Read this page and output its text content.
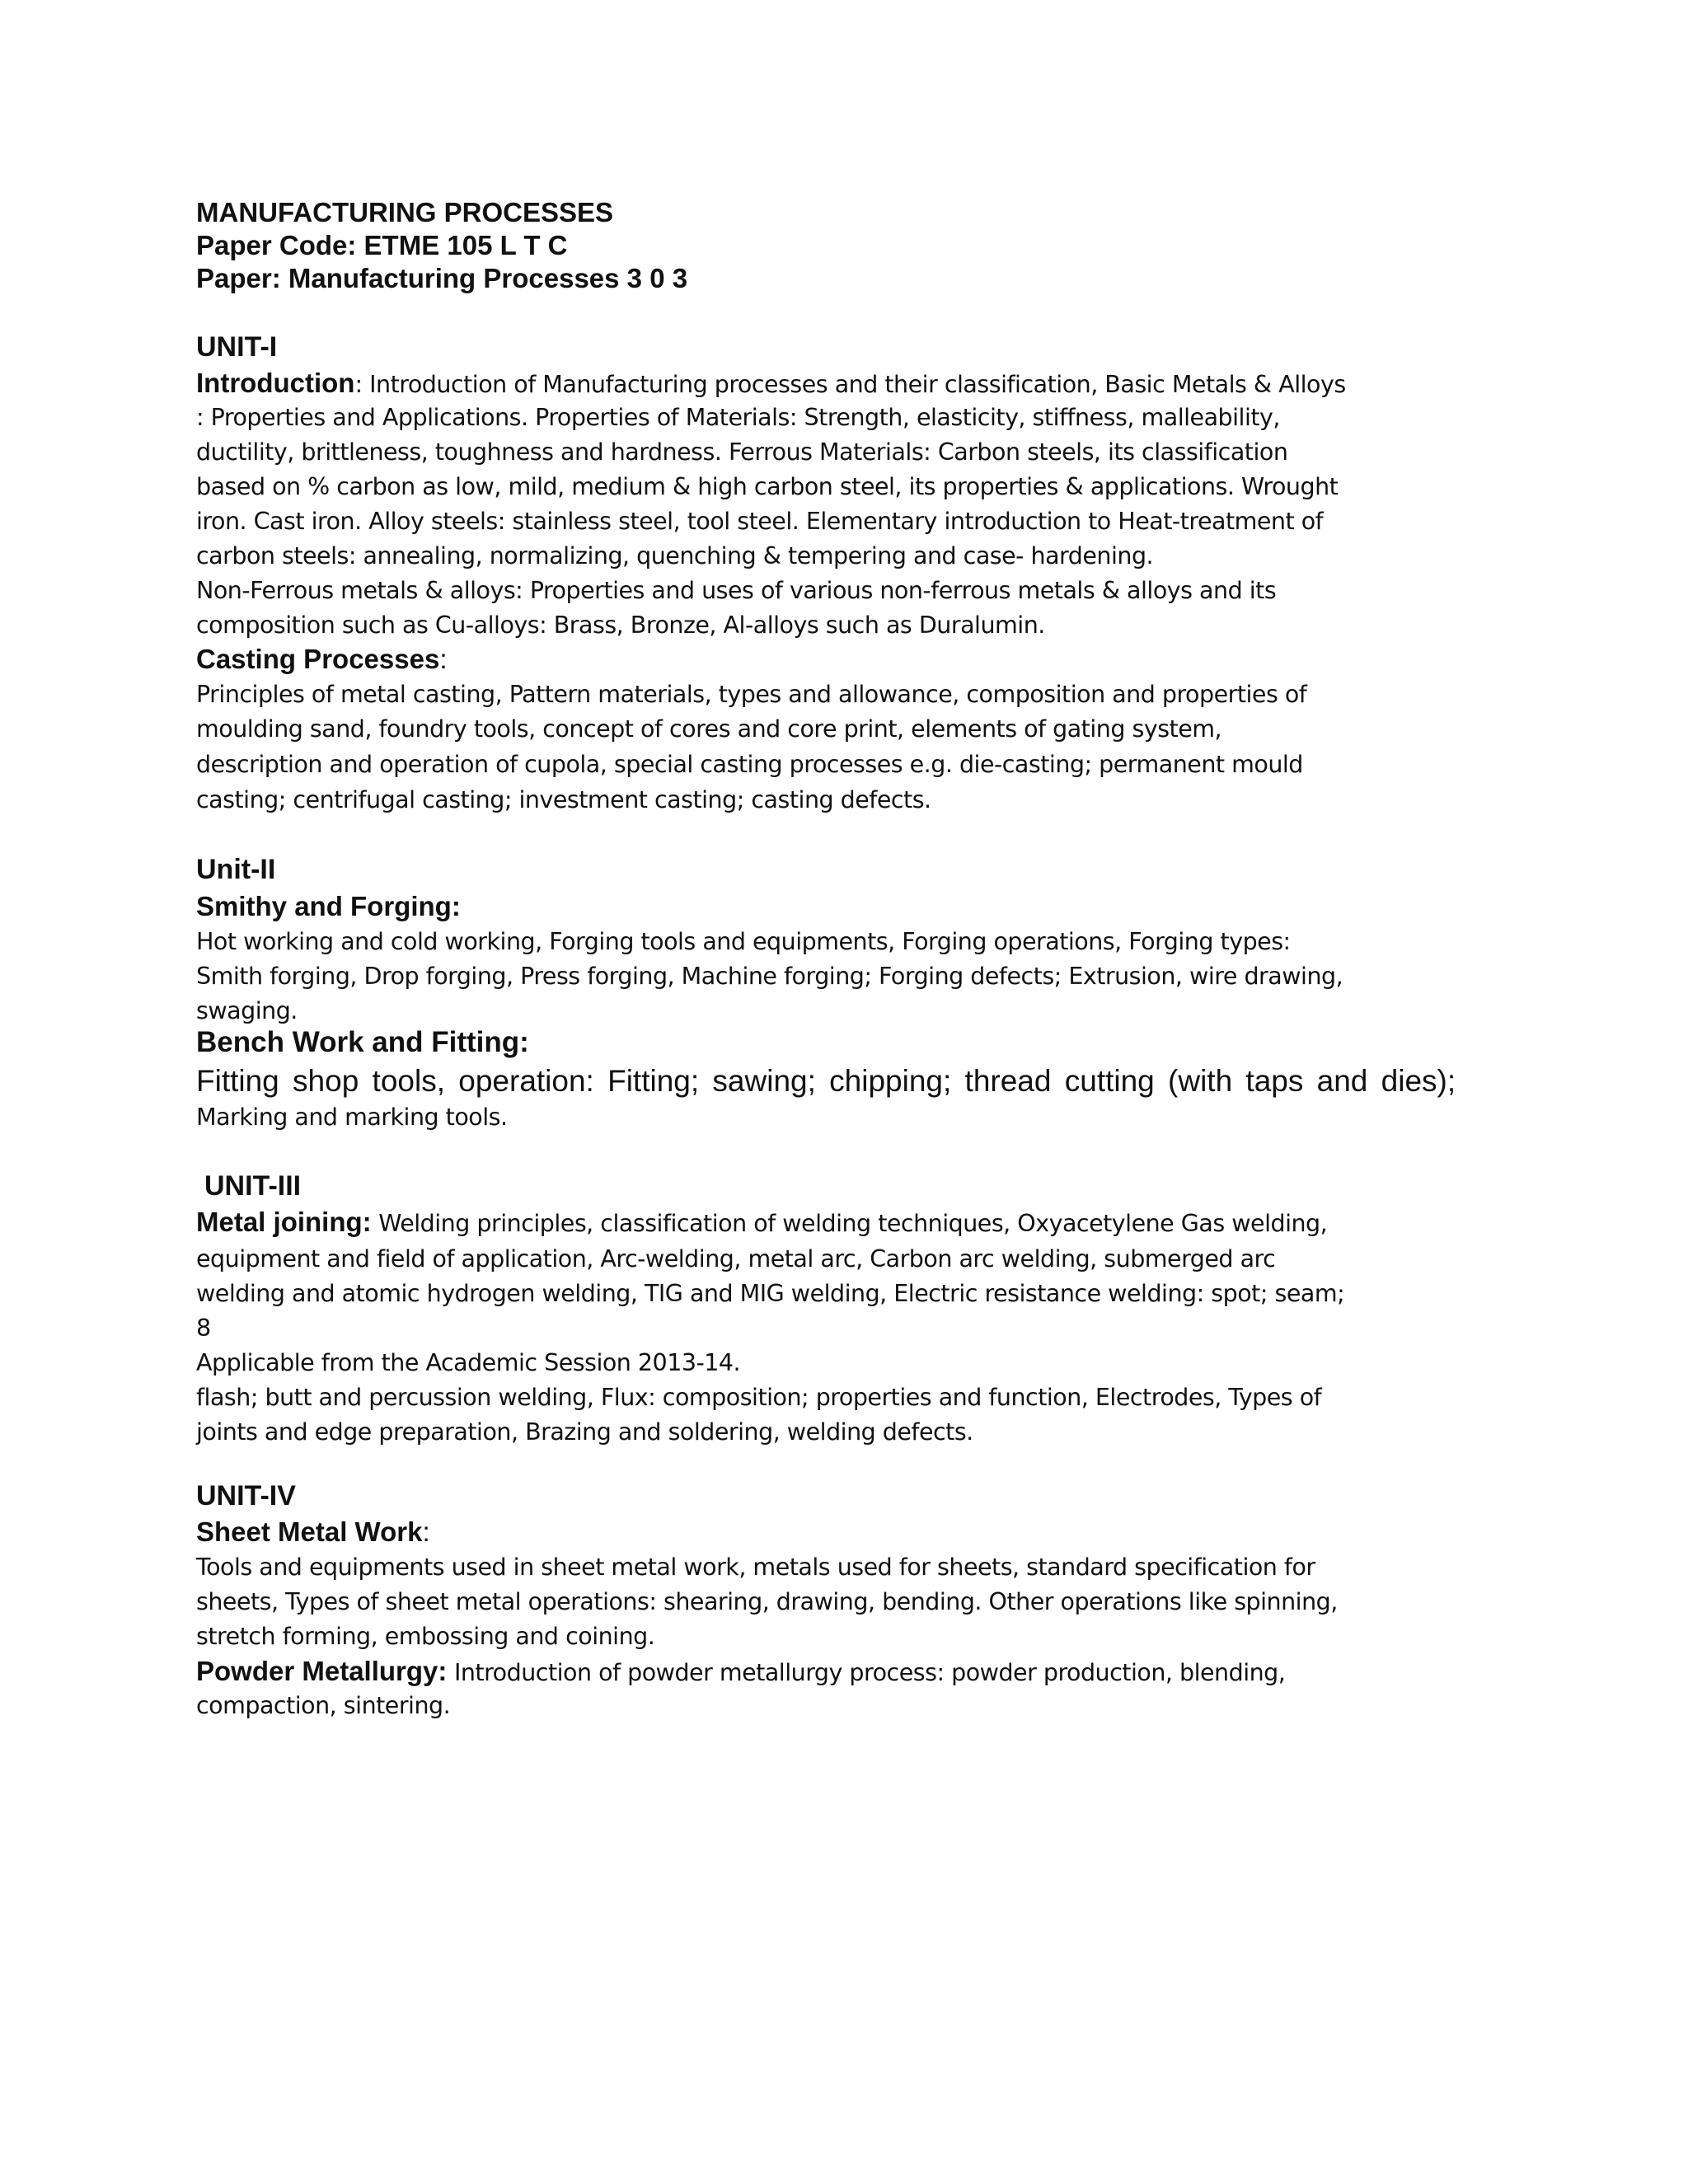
MANUFACTURING PROCESSES
Paper Code: ETME 105 L T C
Paper: Manufacturing Processes 3 0 3
UNIT-I
Introduction: Introduction of Manufacturing processes and their classification, Basic Metals & Alloys
: Properties and Applications. Properties of Materials: Strength, elasticity, stiffness, malleability,
ductility, brittleness, toughness and hardness. Ferrous Materials: Carbon steels, its classification
based on % carbon as low, mild, medium & high carbon steel, its properties & applications. Wrought
iron. Cast iron. Alloy steels: stainless steel, tool steel. Elementary introduction to Heat-treatment of
carbon steels: annealing, normalizing, quenching & tempering and case- hardening.
Non-Ferrous metals & alloys: Properties and uses of various non-ferrous metals & alloys and its
composition such as Cu-alloys: Brass, Bronze, Al-alloys such as Duralumin.
Casting Processes:
Principles of metal casting, Pattern materials, types and allowance, composition and properties of
moulding sand, foundry tools, concept of cores and core print, elements of gating system,
description and operation of cupola, special casting processes e.g. die-casting; permanent mould
casting; centrifugal casting; investment casting; casting defects.
Unit-II
Smithy and Forging:
Hot working and cold working, Forging tools and equipments, Forging operations, Forging types:
Smith forging, Drop forging, Press forging, Machine forging; Forging defects; Extrusion, wire drawing,
swaging.
Bench Work and Fitting:
Fitting shop tools, operation: Fitting; sawing; chipping; thread cutting (with taps and dies);
Marking and marking tools.
UNIT-III
Metal joining: Welding principles, classification of welding techniques, Oxyacetylene Gas welding,
equipment and field of application, Arc-welding, metal arc, Carbon arc welding, submerged arc
welding and atomic hydrogen welding, TIG and MIG welding, Electric resistance welding: spot; seam;
8
Applicable from the Academic Session 2013-14.
flash; butt and percussion welding, Flux: composition; properties and function, Electrodes, Types of
joints and edge preparation, Brazing and soldering, welding defects.
UNIT-IV
Sheet Metal Work:
Tools and equipments used in sheet metal work, metals used for sheets, standard specification for
sheets, Types of sheet metal operations: shearing, drawing, bending. Other operations like spinning,
stretch forming, embossing and coining.
Powder Metallurgy: Introduction of powder metallurgy process: powder production, blending,
compaction, sintering.
